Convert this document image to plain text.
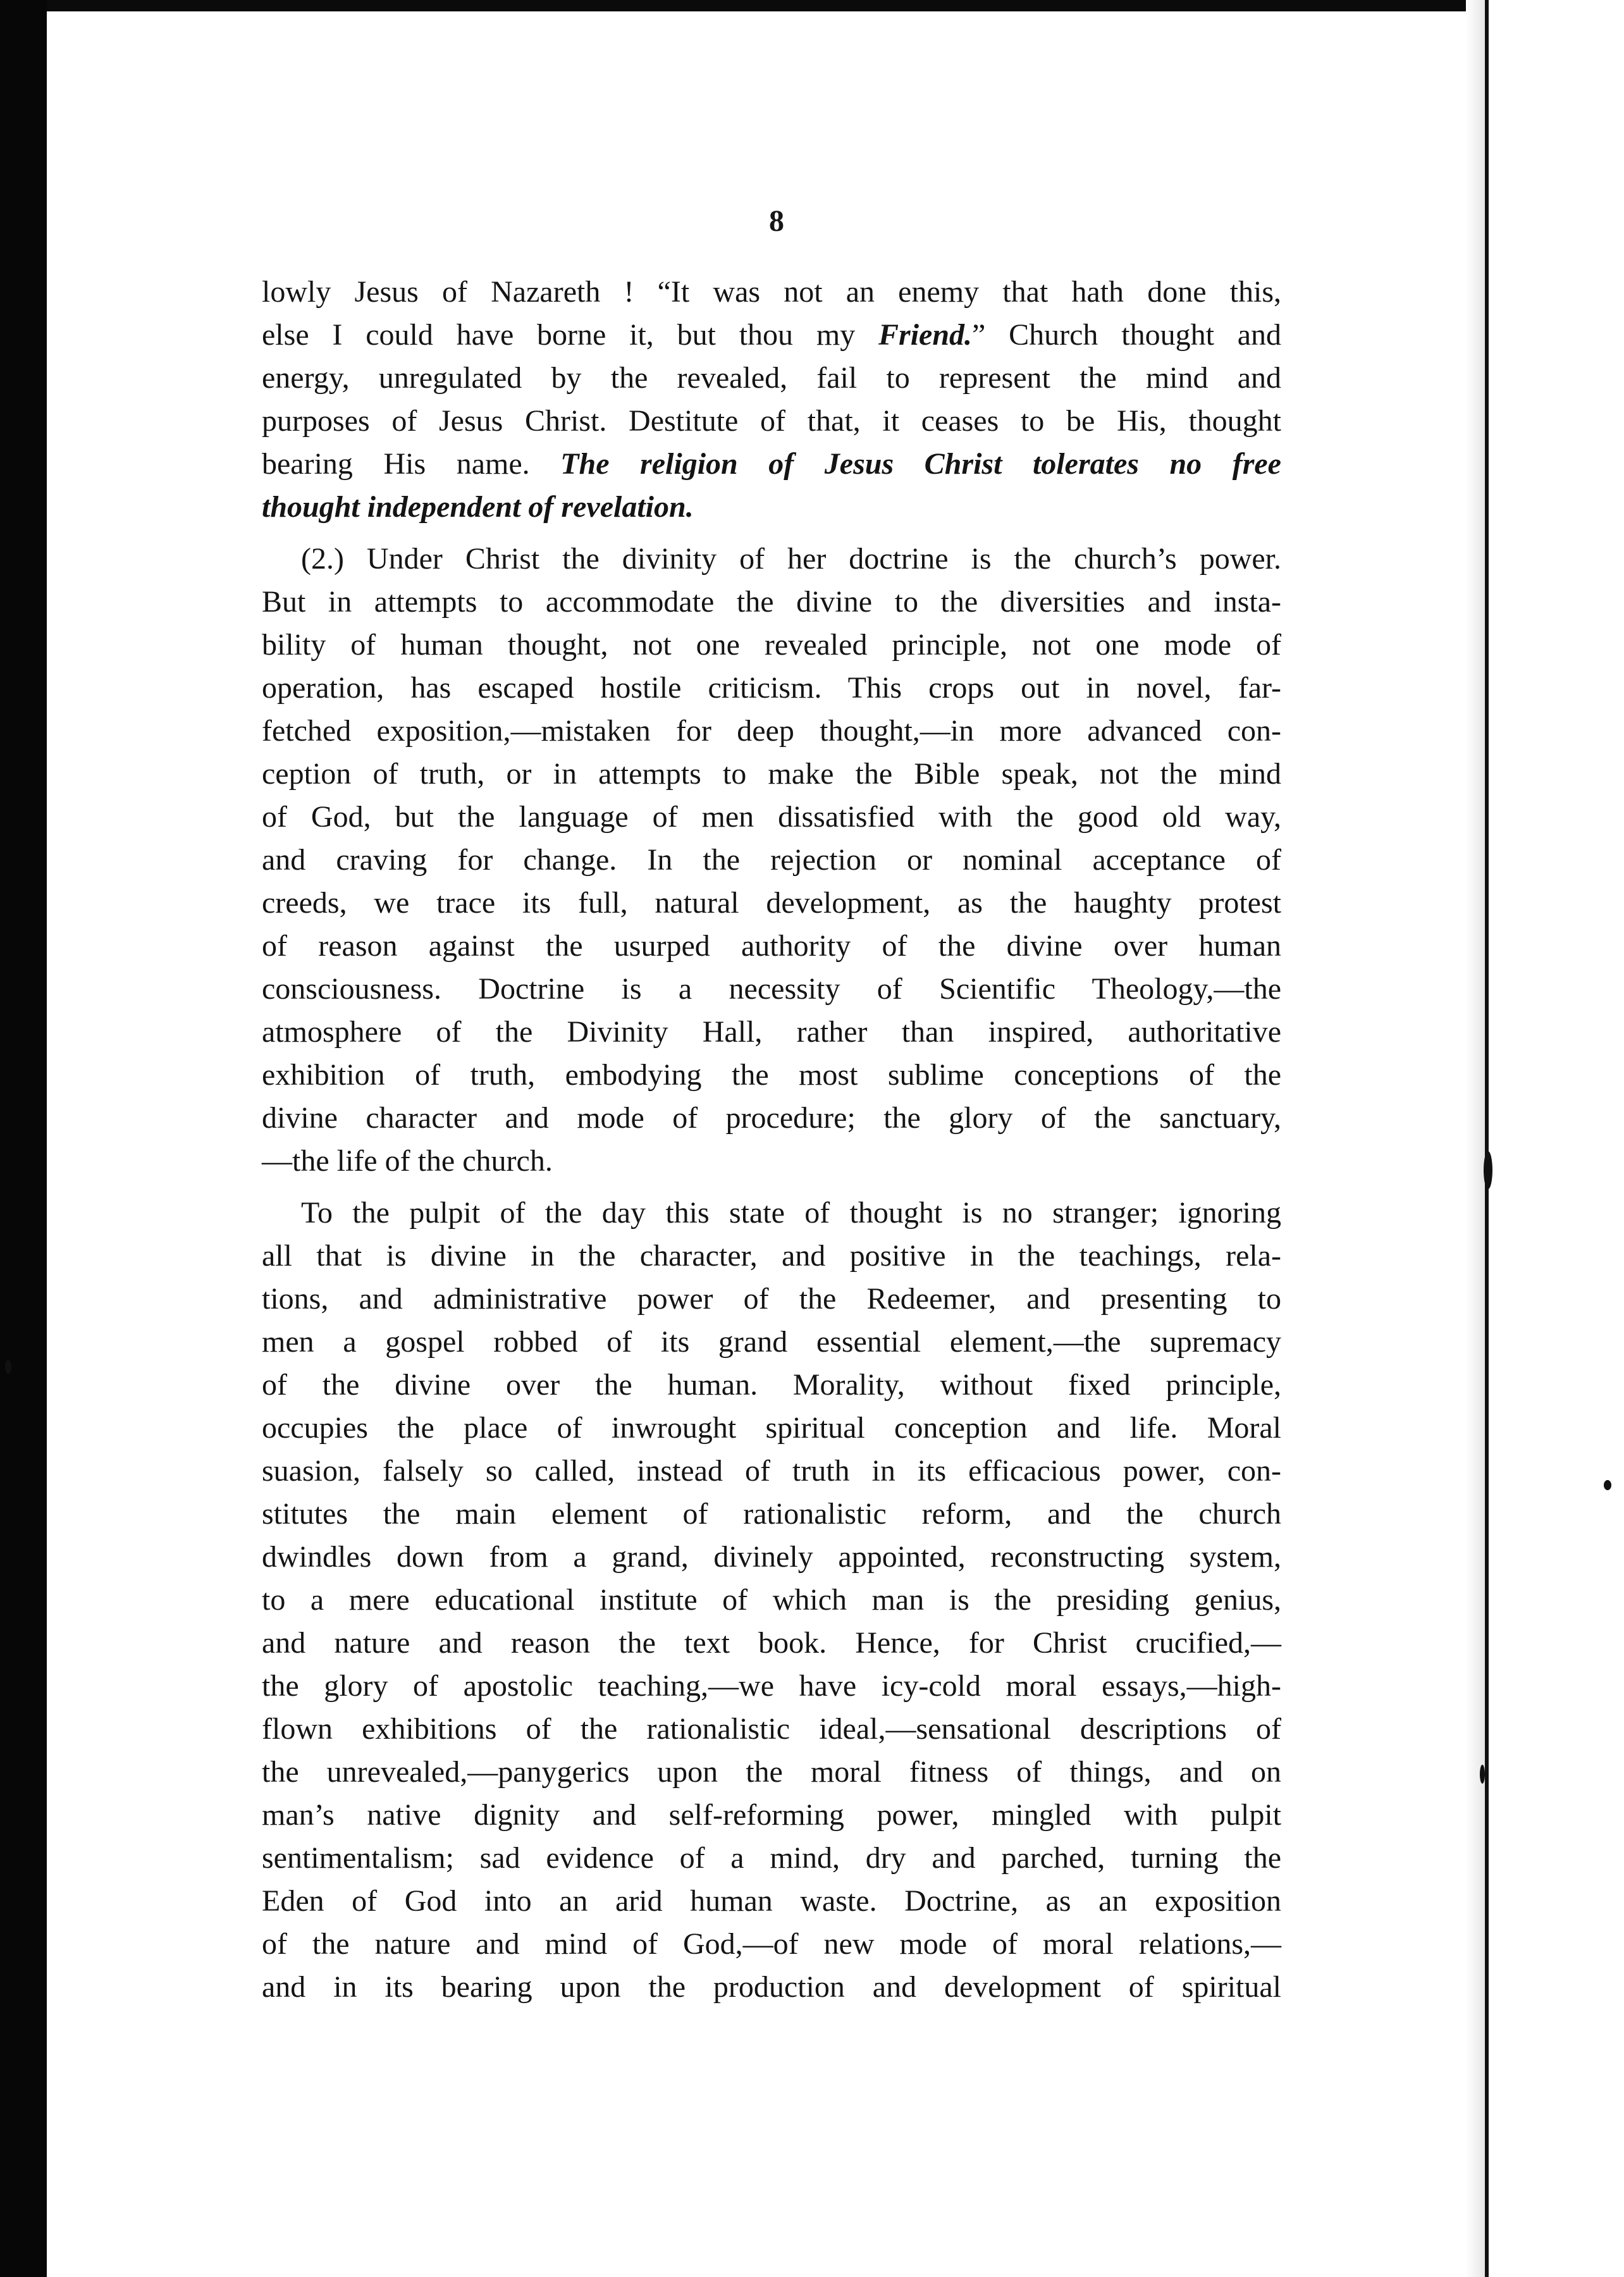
8
lowly Jesus of Nazareth ! “It was not an enemy that hath done this,
else I could have borne it, but thou my Friend.” Church thought and
energy, unregulated by the revealed, fail to represent the mind and
purposes of Jesus Christ. Destitute of that, it ceases to be His, thought
bearing His name. The religion of Jesus Christ tolerates no free
thought independent of revelation.
(2.) Under Christ the divinity of her doctrine is the church’s power.
But in attempts to accommodate the divine to the diversities and insta-
bility of human thought, not one revealed principle, not one mode of
operation, has escaped hostile criticism. This crops out in novel, far-
fetched exposition,—mistaken for deep thought,—in more advanced con-
ception of truth, or in attempts to make the Bible speak, not the mind
of God, but the language of men dissatisfied with the good old way,
and craving for change. In the rejection or nominal acceptance of
creeds, we trace its full, natural development, as the haughty protest
of reason against the usurped authority of the divine over human
consciousness. Doctrine is a necessity of Scientific Theology,—the
atmosphere of the Divinity Hall, rather than inspired, authoritative
exhibition of truth, embodying the most sublime conceptions of the
divine character and mode of procedure; the glory of the sanctuary,
—the life of the church.
To the pulpit of the day this state of thought is no stranger; ignoring
all that is divine in the character, and positive in the teachings, rela-
tions, and administrative power of the Redeemer, and presenting to
men a gospel robbed of its grand essential element,—the supremacy
of the divine over the human. Morality, without fixed principle,
occupies the place of inwrought spiritual conception and life. Moral
suasion, falsely so called, instead of truth in its efficacious power, con-
stitutes the main element of rationalistic reform, and the church
dwindles down from a grand, divinely appointed, reconstructing system,
to a mere educational institute of which man is the presiding genius,
and nature and reason the text book. Hence, for Christ crucified,—
the glory of apostolic teaching,—we have icy-cold moral essays,—high-
flown exhibitions of the rationalistic ideal,—sensational descriptions of
the unrevealed,—panygerics upon the moral fitness of things, and on
man’s native dignity and self-reforming power, mingled with pulpit
sentimentalism; sad evidence of a mind, dry and parched, turning the
Eden of God into an arid human waste. Doctrine, as an exposition
of the nature and mind of God,—of new mode of moral relations,—
and in its bearing upon the production and development of spiritual
